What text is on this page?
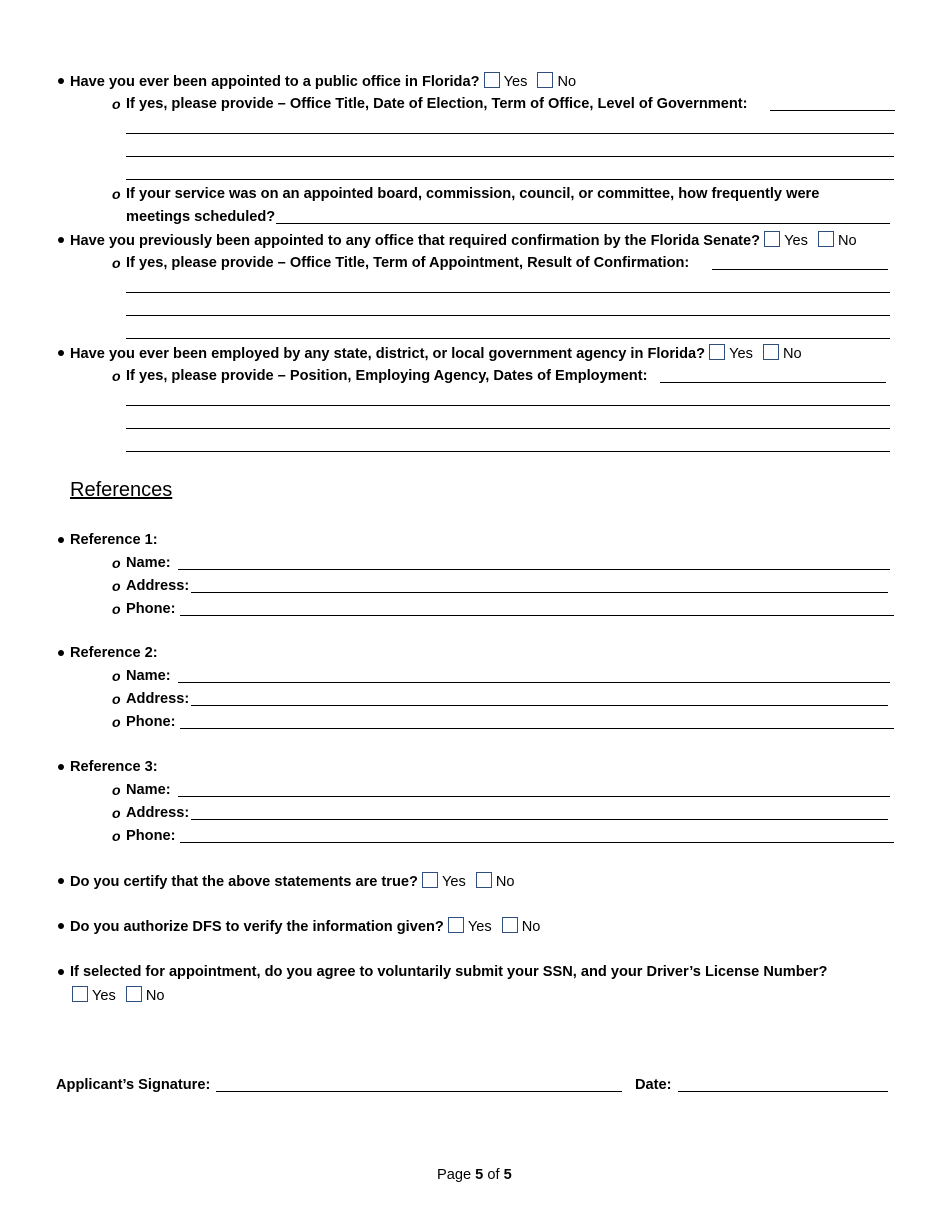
Have you ever been appointed to a public office in Florida? Yes No
o If yes, please provide – Office Title, Date of Election, Term of Office, Level of Government:
o If your service was on an appointed board, commission, council, or committee, how frequently were
meetings scheduled?
Have you previously been appointed to any office that required confirmation by the Florida Senate? Yes No
o If yes, please provide – Office Title, Term of Appointment, Result of Confirmation:
Have you ever been employed by any state, district, or local government agency in Florida? Yes No
o If yes, please provide – Position, Employing Agency, Dates of Employment:
References
Reference 1:
o Name:
o Address:
o Phone:
Reference 2:
o Name:
o Address:
o Phone:
Reference 3:
o Name:
o Address:
o Phone:
Do you certify that the above statements are true? Yes No
Do you authorize DFS to verify the information given? Yes No
If selected for appointment, do you agree to voluntarily submit your SSN, and your Driver’s License Number?
Yes No
Applicant’s Signature:	Date:
Page 5 of 5
